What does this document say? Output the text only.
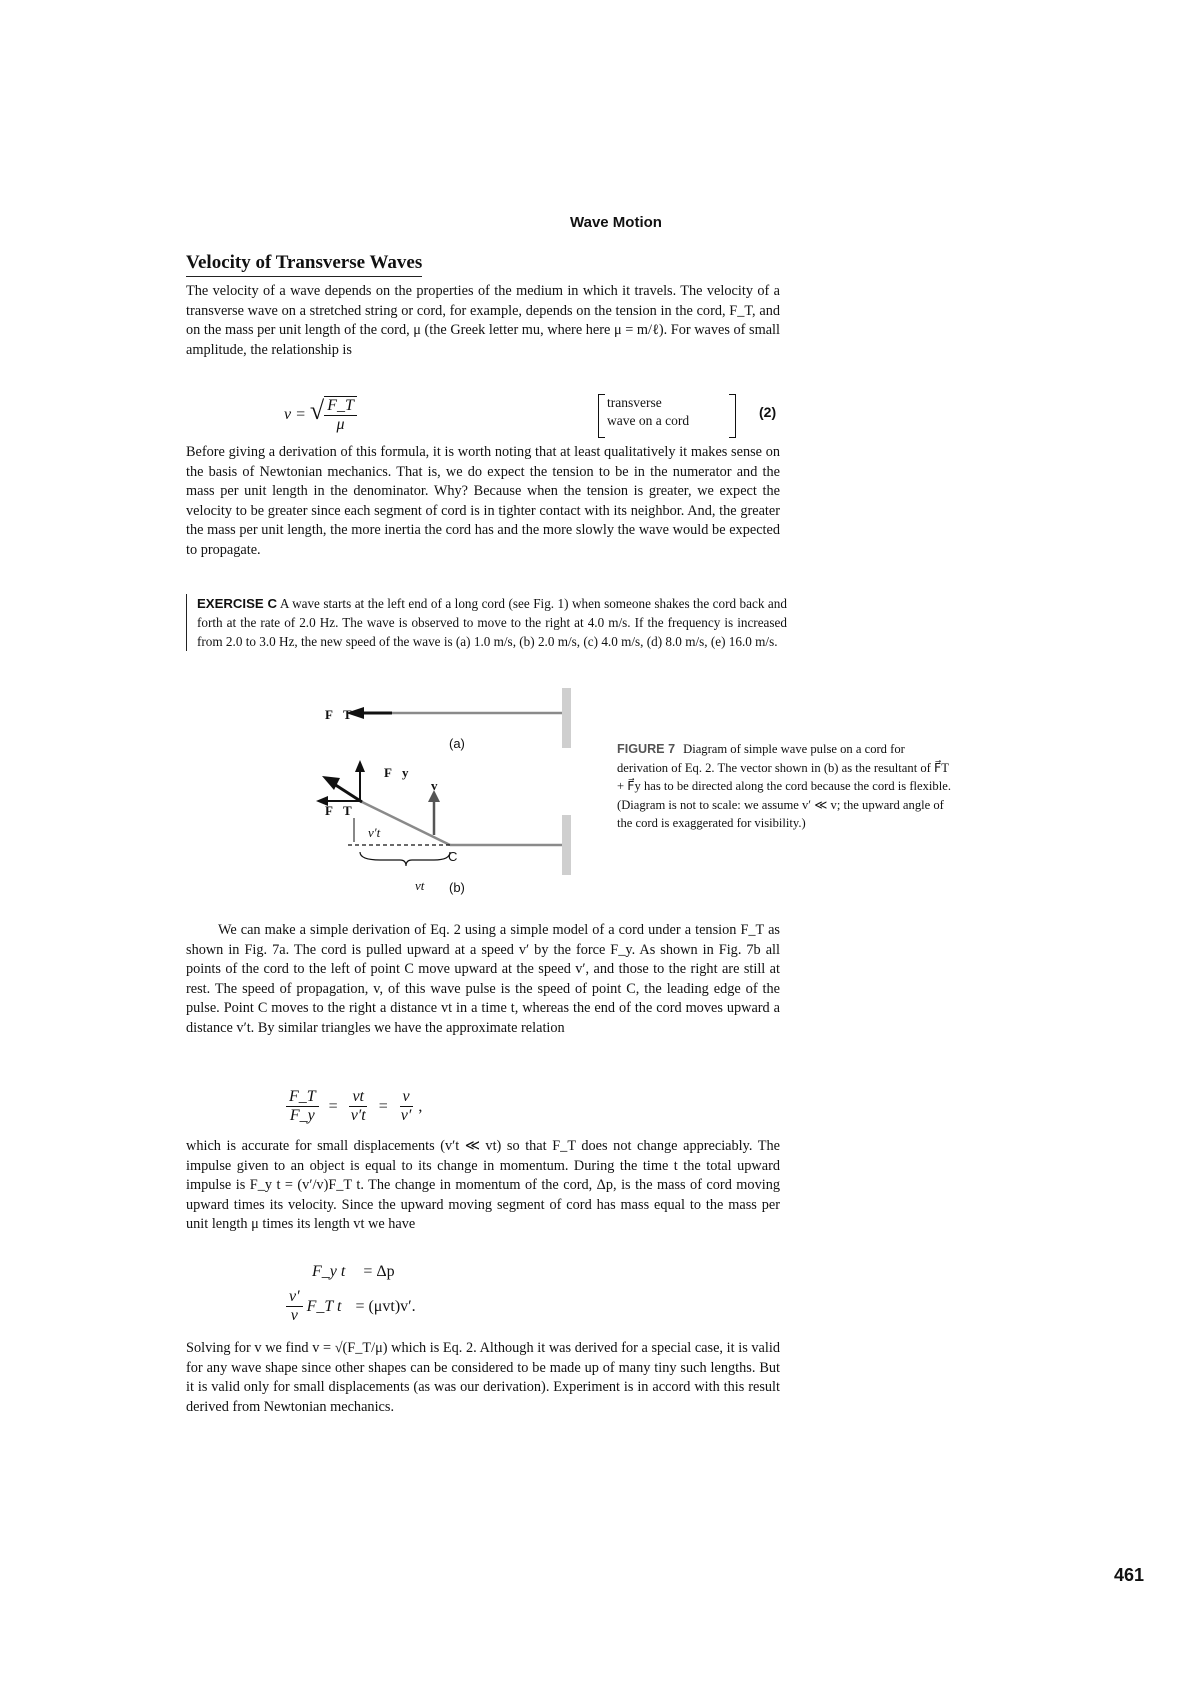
Wave Motion
Velocity of Transverse Waves
The velocity of a wave depends on the properties of the medium in which it travels. The velocity of a transverse wave on a stretched string or cord, for example, depends on the tension in the cord, F_T, and on the mass per unit length of the cord, μ (the Greek letter mu, where here μ = m/ℓ). For waves of small amplitude, the relationship is
v = √ $\frac{F\_T}{\mu}$	transverse
wave on a cord
(2)
Before giving a derivation of this formula, it is worth noting that at least qualitatively it makes sense on the basis of Newtonian mechanics. That is, we do expect the tension to be in the numerator and the mass per unit length in the denominator. Why? Because when the tension is greater, we expect the velocity to be greater since each segment of cord is in tighter contact with its neighbor. And, the greater the mass per unit length, the more inertia the cord has and the more slowly the wave would be expected to propagate.
EXERCISE C A wave starts at the left end of a long cord (see Fig. 1) when someone shakes the cord back and forth at the rate of 2.0 Hz. The wave is observed to move to the right at 4.0 m/s. If the frequency is increased from 2.0 to 3.0 Hz, the new speed of the wave is (a) 1.0 m/s, (b) 2.0 m/s, (c) 4.0 m/s, (d) 8.0 m/s, (e) 16.0 m/s.
(a)
(b)
F⃗T
F⃗T
F⃗y
v⃗
v′t
vt
C
FIGURE 7 Diagram of simple wave pulse on a cord for derivation of Eq. 2. The vector shown in (b) as the resultant of F⃗T + F⃗y has to be directed along the cord because the cord is flexible. (Diagram is not to scale: we assume v′ ≪ v; the upward angle of the cord is exaggerated for visibility.)
We can make a simple derivation of Eq. 2 using a simple model of a cord under a tension F_T as shown in Fig. 7a. The cord is pulled upward at a speed v′ by the force F_y. As shown in Fig. 7b all points of the cord to the left of point C move upward at the speed v′, and those to the right are still at rest. The speed of propagation, v, of this wave pulse is the speed of point C, the leading edge of the pulse. Point C moves to the right a distance vt in a time t, whereas the end of the cord moves upward a distance v′t. By similar triangles we have the approximate relation
$\frac{F\_T}{F\_y} = \frac{vt}{v't} = \frac{v}{v'}$ ,
which is accurate for small displacements (v′t ≪ vt) so that F_T does not change appreciably. The impulse given to an object is equal to its change in momentum. During the time t the total upward impulse is F_y t = (v′/v)F_T t. The change in momentum of the cord, Δp, is the mass of cord moving upward times its velocity. Since the upward moving segment of cord has mass equal to the mass per unit length μ times its length vt we have
F_y t = Δp
$\frac{v'}{v}$ F_T t = (μvt)v′.
Solving for v we find v = √(F_T/μ) which is Eq. 2. Although it was derived for a special case, it is valid for any wave shape since other shapes can be considered to be made up of many tiny such lengths. But it is valid only for small displacements (as was our derivation). Experiment is in accord with this result derived from Newtonian mechanics.
461
